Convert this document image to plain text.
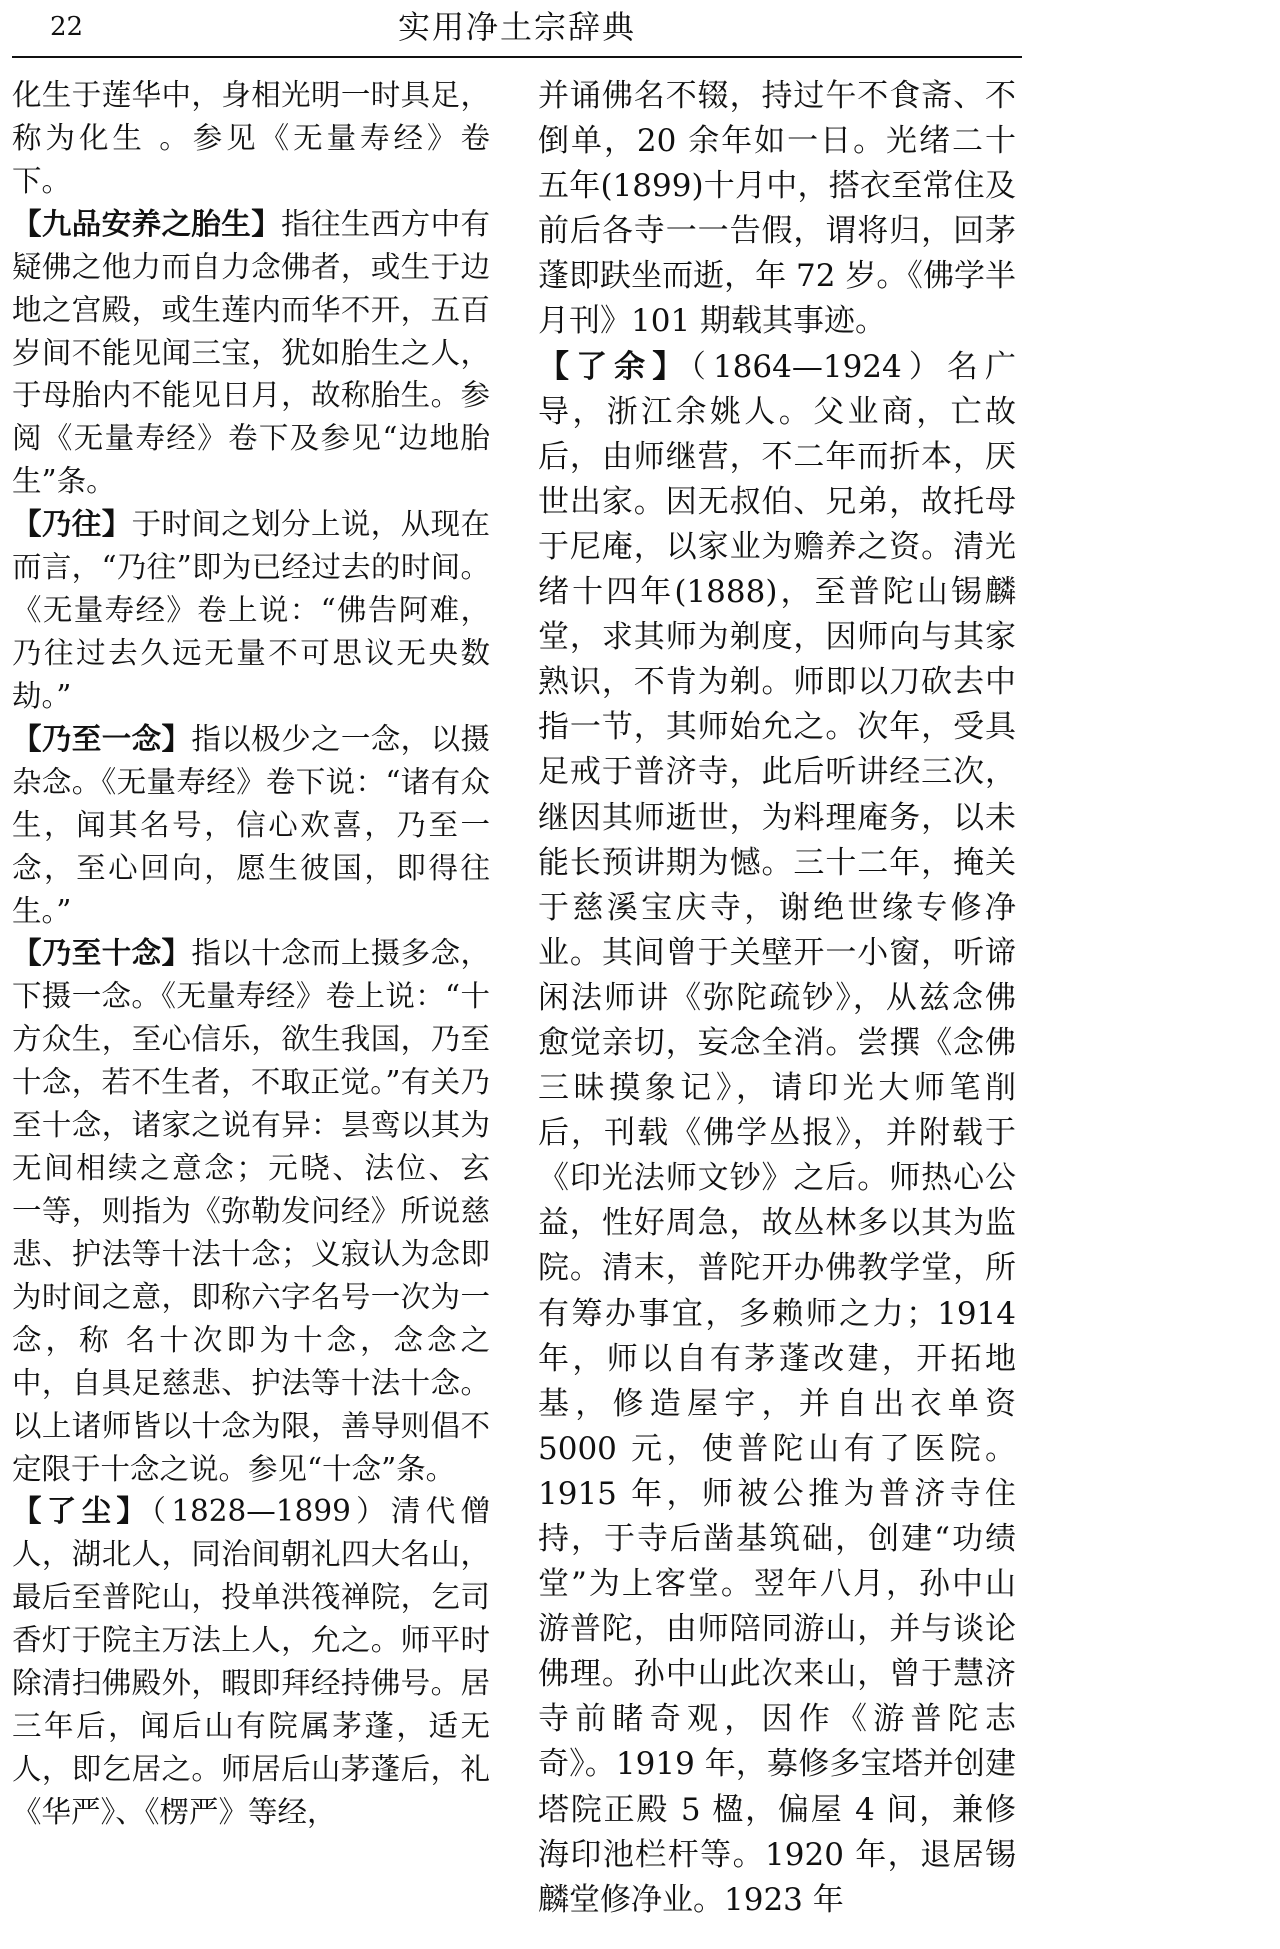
22	实用净土宗辞典

化生于莲华中，身相光明一时具足，称为化生 。参见《无量寿经》卷下。

【 九品安养之胎生 】 指往生西方中有疑佛之他力而自力念佛者，或生于边地之宫殿，或生莲内而华不开，五百岁间不能见闻三宝，犹如胎生之人，于母胎内不能见日月，故称胎生。参阅《无量寿经》卷下及参见“边地胎生”条。

【 乃往 】 于时间之划分上说，从现在而言，“乃往”即为已经过去的时间。《无量寿经》卷上说：“佛告阿难，乃往过去久远无量不可思议无央数劫。”

【 乃至一念 】 指以极少之一念，以摄杂念。《无量寿经》卷下说：“诸有众生，闻其名号，信心欢喜，乃至一念，至心回向，愿生彼国，即得往生。”

【 乃至十念 】 指以十念而上摄多念，下摄一念。《无量寿经》卷上说：“十方众生，至心信乐，欲生我国，乃至十念，若不生者，不取正觉。”有关乃至十念，诸家之说有异：昙鸾以其为无间相续之意念；元晓、法位、玄 一等，则指为《弥勒发问经》所说慈悲、护法等十法十念；义寂认为念即为时间之意，即称六字名号一次为一念，称 名十次即为十念，念念之中，自具足慈悲、护法等十法十念。以上诸师皆以十念为限，善导则倡不定限于十念之说。参见“十念”条。

【 了尘 】 （1828—1899）清代僧人，湖北人，同治间朝礼四大名山，最后至普陀山，投单洪筏禅院，乞司香灯于院主万法上人，允之。师平时除清扫佛殿外，暇即拜经持佛号。居三年后，闻后山有院属茅蓬，适无人，即乞居之。师居后山茅蓬后，礼《华严》、《楞严》等经，

并诵佛名不辍，持过午不食斋、不倒单，20 余年如一日。光绪二十五年(1899)十月中，搭衣至常住及前后各寺一一告假，谓将归，回茅蓬即趺坐而逝，年 72 岁。《佛学半月刊》101 期载其事迹。

【 了余 】 （1864—1924）名广导，浙江余姚人。父业商，亡故后，由师继营，不二年而折本，厌世出家。因无叔伯、兄弟，故托母于尼庵，以家业为赡养之资。清光绪十四年(1888)，至普陀山锡麟堂，求其师为剃度，因师向与其家熟识，不肯为剃。师即以刀砍去中指一节，其师始允之。次年，受具足戒于普济寺，此后听讲经三次，继因其师逝世，为料理庵务，以未能长预讲期为憾。三十二年，掩关于慈溪宝庆寺，谢绝世缘专修净业。其间曾于关壁开一小窗，听谛闲法师讲《弥陀疏钞》，从兹念佛愈觉亲切，妄念全消。尝撰《念佛三昧摸象记》，请印光大师笔削后，刊载《佛学丛报》，并附载于《印光法师文钞》之后。师热心公益，性好周急，故丛林多以其为监院。清末，普陀开办佛教学堂，所有筹办事宜，多赖师之力；1914 年，师以自有茅蓬改建，开拓地基，修造屋宇，并自出衣单资 5000 元，使普陀山有了医院。1915 年，师被公推为普济寺住持，于寺后凿基筑础，创建“功绩堂”为上客堂。翌年八月，孙中山游普陀，由师陪同游山，并与谈论佛理。孙中山此次来山，曾于慧济寺前睹奇观，因作《游普陀志奇》。1919 年，募修多宝塔并创建塔院正殿 5 楹，偏屋 4 间，兼修海印池栏杆等。1920 年，退居锡麟堂修净业。1923 年
